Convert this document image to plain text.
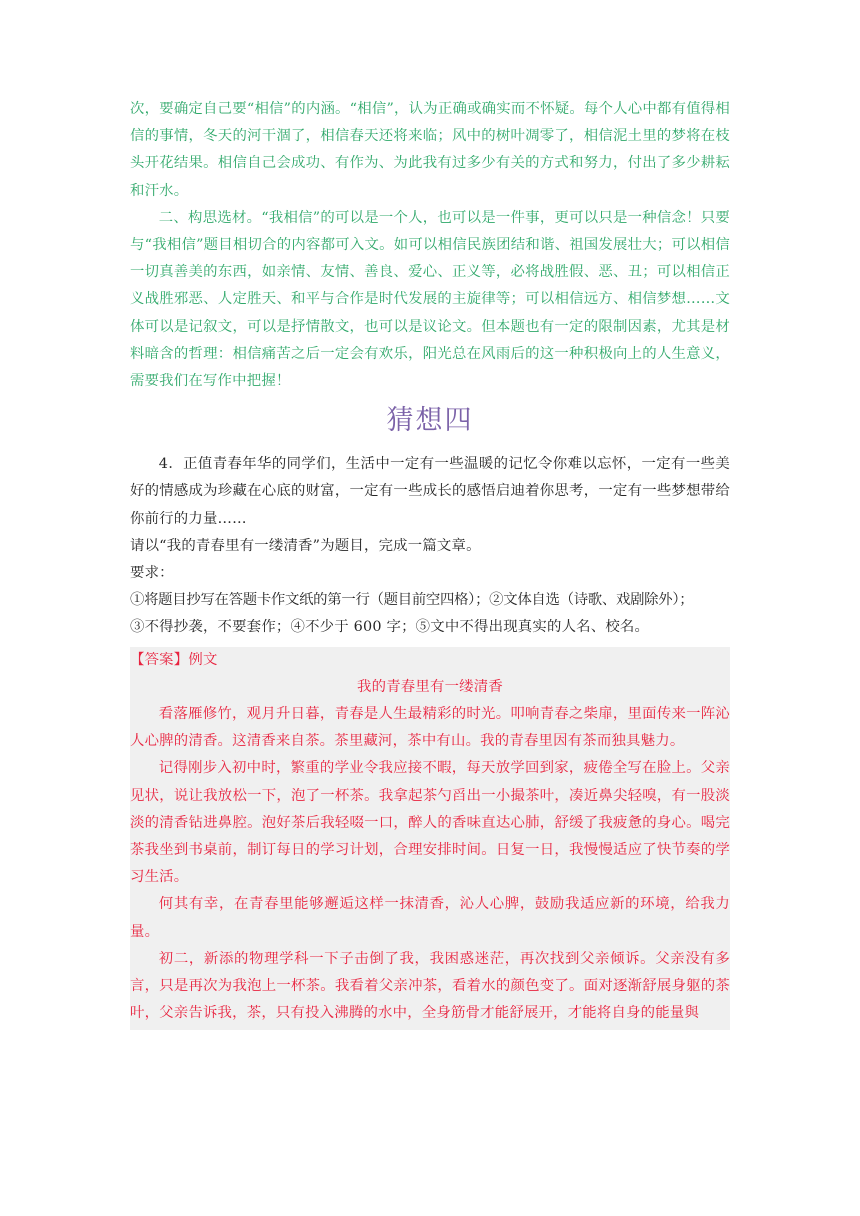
次，要确定自己要“相信”的内涵。“相信”，认为正确或确实而不怀疑。每个人心中都有值得相信的事情，冬天的河干涸了，相信春天还将来临；风中的树叶凋零了，相信泥土里的梦将在枝头开花结果。相信自己会成功、有作为、为此我有过多少有关的方式和努力，付出了多少耕耘和汗水。

二、构思选材。“我相信”的可以是一个人，也可以是一件事，更可以只是一种信念！只要与“我相信”题目相切合的内容都可入文。如可以相信民族团结和谐、祖国发展壮大；可以相信一切真善美的东西，如亲情、友情、善良、爱心、正义等，必将战胜假、恶、丑；可以相信正义战胜邪恶、人定胜天、和平与合作是时代发展的主旋律等；可以相信远方、相信梦想……文体可以是记叙文，可以是抒情散文，也可以是议论文。但本题也有一定的限制因素，尤其是材料暗含的哲理：相信痛苦之后一定会有欢乐，阳光总在风雨后的这一种积极向上的人生意义，需要我们在写作中把握！

猜想四

4．正值青春年华的同学们，生活中一定有一些温暖的记忆令你难以忘怀，一定有一些美好的情感成为珍藏在心底的财富，一定有一些成长的感悟启迪着你思考，一定有一些梦想带给你前行的力量……

请以“我的青春里有一缕清香”为题目，完成一篇文章。

要求：

①将题目抄写在答题卡作文纸的第一行（题目前空四格）；②文体自选（诗歌、戏剧除外）；

③不得抄袭，不要套作；④不少于 600 字；⑤文中不得出现真实的人名、校名。

【答案】例文

我的青春里有一缕清香

看落雁修竹，观月升日暮，青春是人生最精彩的时光。叩响青春之柴扉，里面传来一阵沁人心脾的清香。这清香来自茶。茶里藏河，茶中有山。我的青春里因有茶而独具魅力。

记得刚步入初中时，繁重的学业令我应接不暇，每天放学回到家，疲倦全写在脸上。父亲见状，说让我放松一下，泡了一杯茶。我拿起茶勺舀出一小撮茶叶，凑近鼻尖轻嗅，有一股淡淡的清香钻进鼻腔。泡好茶后我轻啜一口，醉人的香味直达心肺，舒缓了我疲惫的身心。喝完茶我坐到书桌前，制订每日的学习计划，合理安排时间。日复一日，我慢慢适应了快节奏的学习生活。

何其有幸，在青春里能够邂逅这样一抹清香，沁人心脾，鼓励我适应新的环境，给我力量。

初二，新添的物理学科一下子击倒了我，我困惑迷茫，再次找到父亲倾诉。父亲没有多言，只是再次为我泡上一杯茶。我看着父亲冲茶，看着水的颜色变了。面对逐渐舒展身躯的茶叶，父亲告诉我，茶，只有投入沸腾的水中，全身筋骨才能舒展开，才能将自身的能量與
